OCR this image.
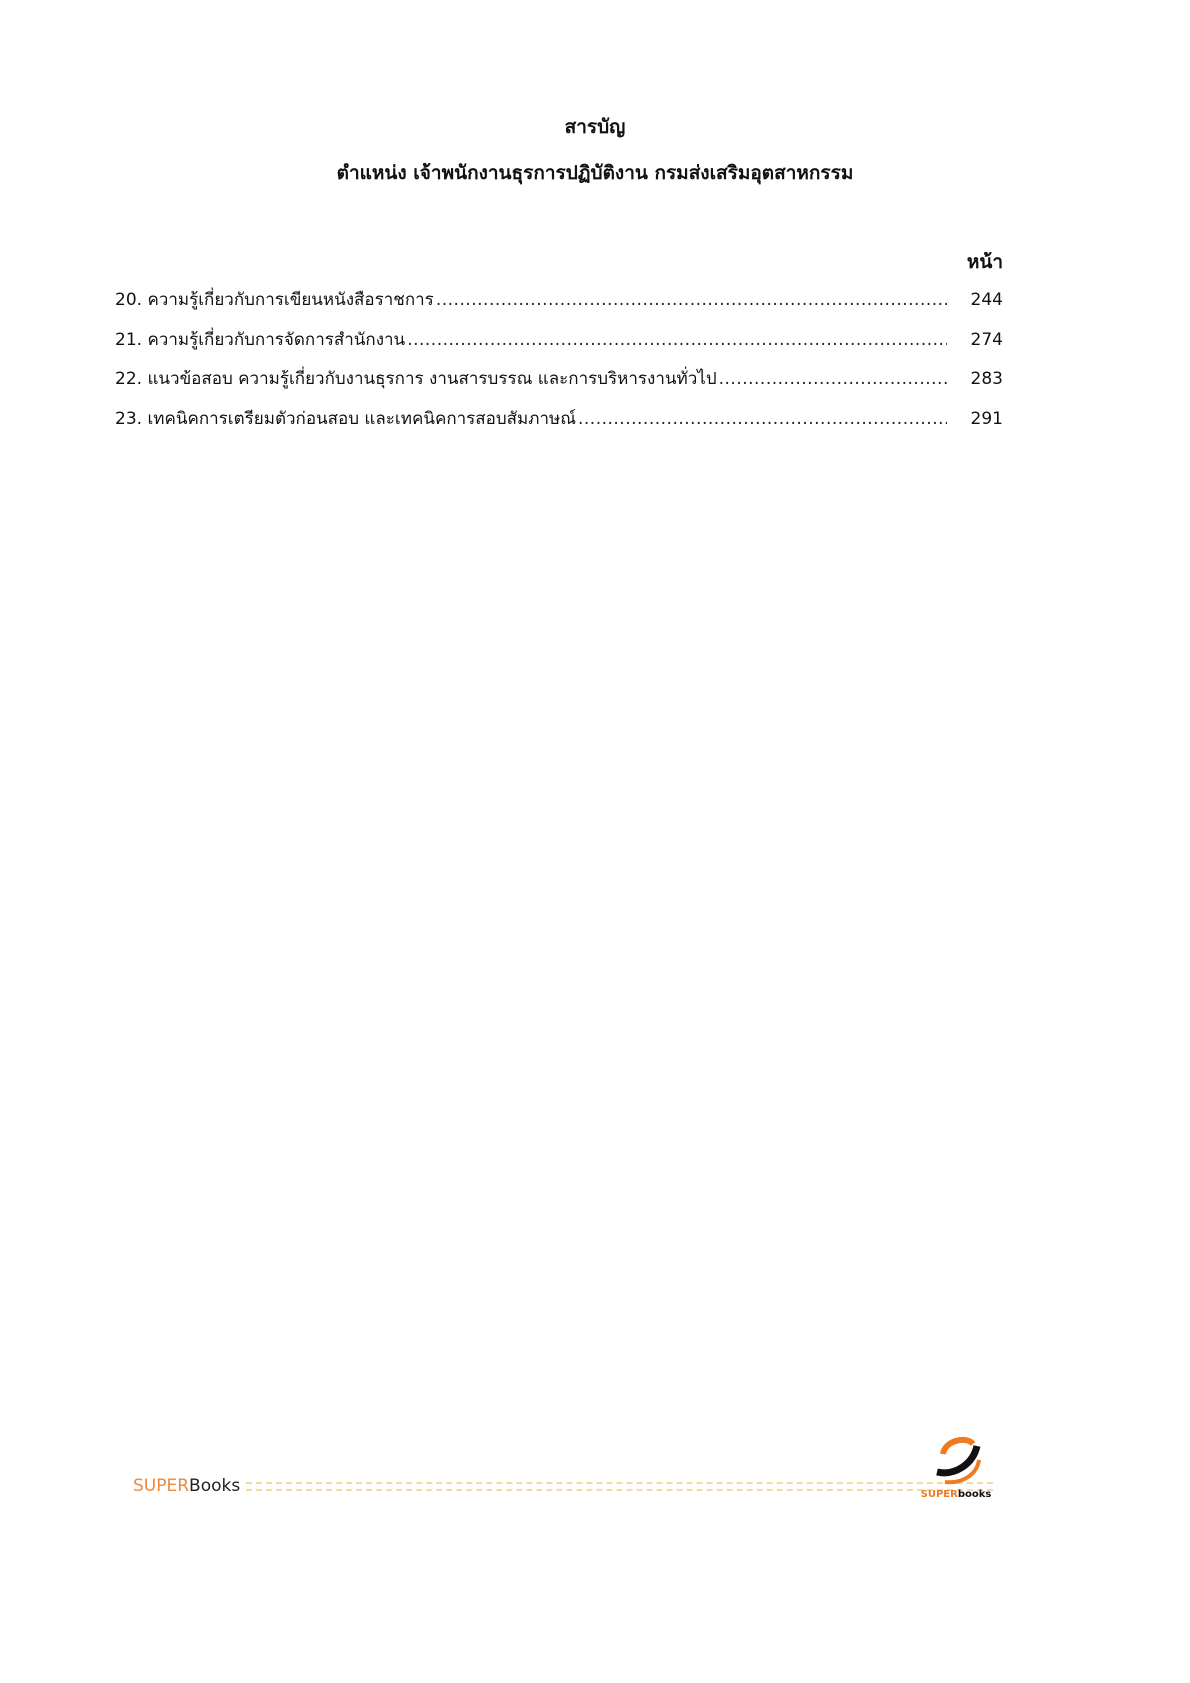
สารบัญ
ตำแหน่ง เจ้าพนักงานธุรการปฏิบัติงาน กรมส่งเสริมอุตสาหกรรม
หน้า
20. ความรู้เกี่ยวกับการเขียนหนังสือราชการ .....	244
21. ความรู้เกี่ยวกับการจัดการสำนักงาน .....	274
22. แนวข้อสอบ ความรู้เกี่ยวกับงานธุรการ งานสารบรรณ และการบริหารงานทั่วไป .....	283
23. เทคนิคการเตรียมตัวก่อนสอบ และเทคนิคการสอบสัมภาษณ์ .....	291
SUPER Books	SUPERbooks
